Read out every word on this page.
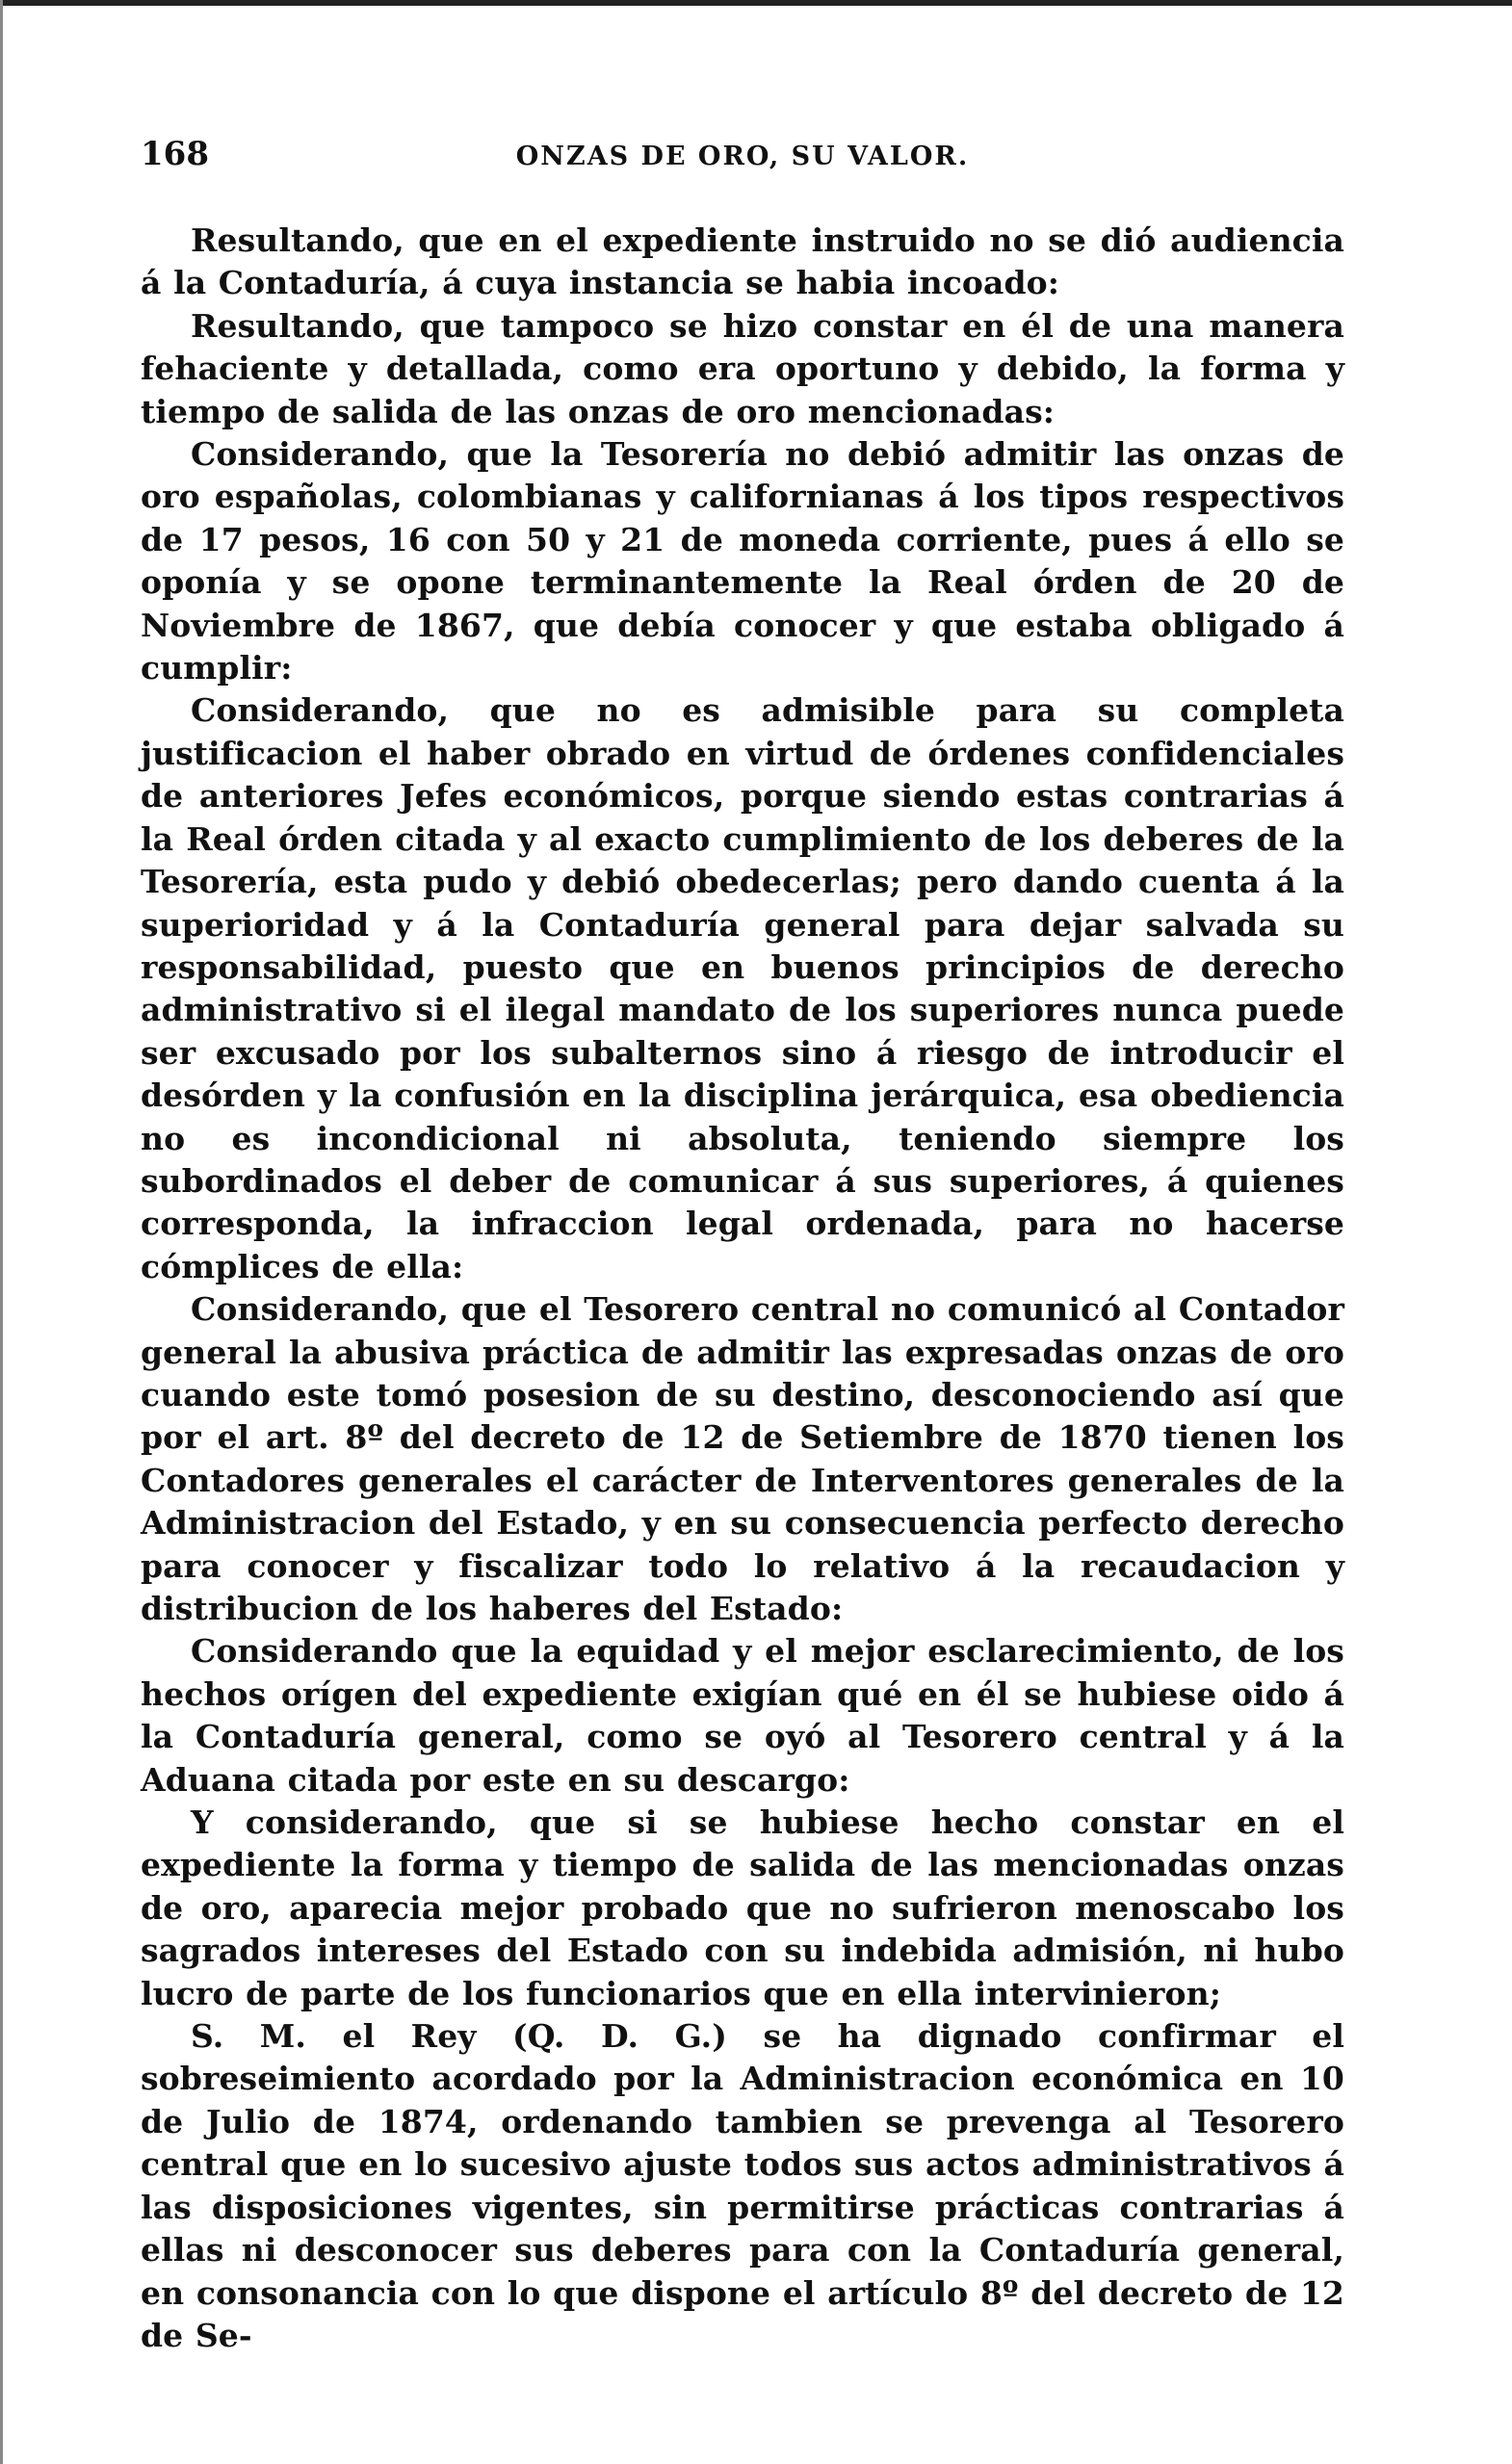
168	ONZAS DE ORO, SU VALOR.

Resultando, que en el expediente instruido no se dió audiencia á la Contaduría, á cuya instancia se habia incoado:

Resultando, que tampoco se hizo constar en él de una manera fehaciente y detallada, como era oportuno y debido, la forma y tiempo de salida de las onzas de oro mencionadas:

Considerando, que la Tesorería no debió admitir las onzas de oro españolas, colombianas y californianas á los tipos respectivos de 17 pesos, 16 con 50 y 21 de moneda corriente, pues á ello se oponía y se opone terminantemente la Real órden de 20 de Noviembre de 1867, que debía conocer y que estaba obligado á cumplir:

Considerando, que no es admisible para su completa justificacion el haber obrado en virtud de órdenes confidenciales de anteriores Jefes económicos, porque siendo estas contrarias á la Real órden citada y al exacto cumplimiento de los deberes de la Tesorería, esta pudo y debió obedecerlas; pero dando cuenta á la superioridad y á la Contaduría general para dejar salvada su responsabilidad, puesto que en buenos principios de derecho administrativo si el ilegal mandato de los superiores nunca puede ser excusado por los subalternos sino á riesgo de introducir el desórden y la confusión en la disciplina jerárquica, esa obediencia no es incondicional ni absoluta, teniendo siempre los subordinados el deber de comunicar á sus superiores, á quienes corresponda, la infraccion legal ordenada, para no hacerse cómplices de ella:

Considerando, que el Tesorero central no comunicó al Contador general la abusiva práctica de admitir las expresadas onzas de oro cuando este tomó posesion de su destino, desconociendo así que por el art. 8º del decreto de 12 de Setiembre de 1870 tienen los Contadores generales el carácter de Interventores generales de la Administracion del Estado, y en su consecuencia perfecto derecho para conocer y fiscalizar todo lo relativo á la recaudacion y distribucion de los haberes del Estado:

Considerando que la equidad y el mejor esclarecimiento, de los hechos orígen del expediente exigían qué en él se hubiese oido á la Contaduría general, como se oyó al Tesorero central y á la Aduana citada por este en su descargo:

Y considerando, que si se hubiese hecho constar en el expediente la forma y tiempo de salida de las mencionadas onzas de oro, aparecia mejor probado que no sufrieron menoscabo los sagrados intereses del Estado con su indebida admisión, ni hubo lucro de parte de los funcionarios que en ella intervinieron;

S. M. el Rey (Q. D. G.) se ha dignado confirmar el sobreseimiento acordado por la Administracion económica en 10 de Julio de 1874, ordenando tambien se prevenga al Tesorero central que en lo sucesivo ajuste todos sus actos administrativos á las disposiciones vigentes, sin permitirse prácticas contrarias á ellas ni desconocer sus deberes para con la Contaduría general, en consonancia con lo que dispone el artículo 8º del decreto de 12 de Se-
